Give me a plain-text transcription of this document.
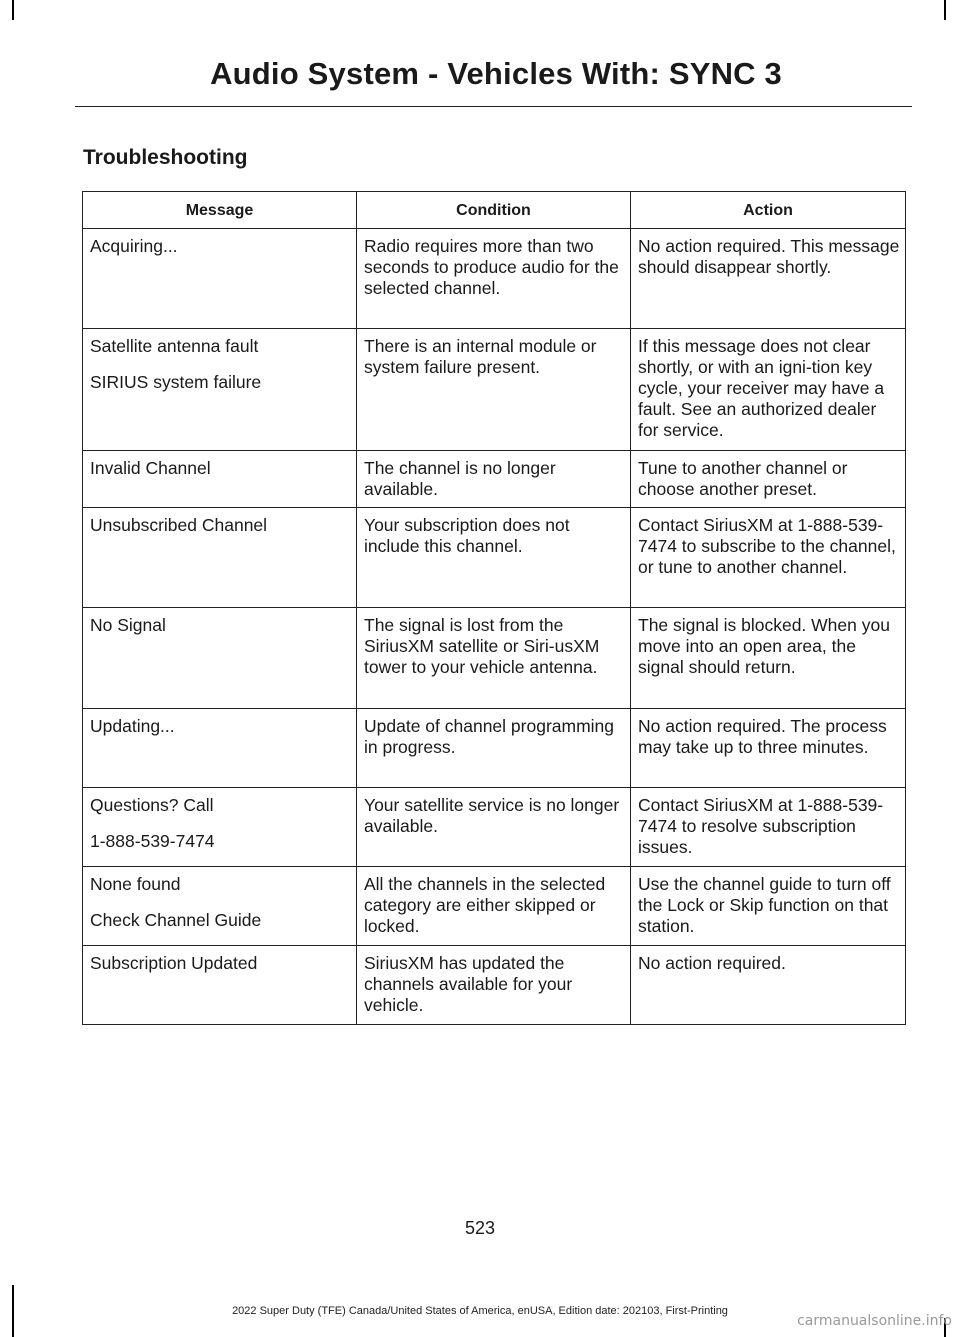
Audio System - Vehicles With: SYNC 3
Troubleshooting
Message	Condition	Action

Acquiring...	Radio requires more than two seconds to produce audio for the selected channel.	No action required. This message should disappear shortly.

Satellite antenna fault
SIRIUS system failure	There is an internal module or system failure present.	If this message does not clear shortly, or with an igni-tion key cycle, your receiver may have a fault. See an authorized dealer for service.

Invalid Channel	The channel is no longer available.	Tune to another channel or choose another preset.

Unsubscribed Channel	Your subscription does not include this channel.	Contact SiriusXM at 1-888-539-7474 to subscribe to the channel, or tune to another channel.

No Signal	The signal is lost from the SiriusXM satellite or Siri-usXM tower to your vehicle antenna.	The signal is blocked. When you move into an open area, the signal should return.

Updating...	Update of channel programming in progress.	No action required. The process may take up to three minutes.

Questions? Call
1-888-539-7474	Your satellite service is no longer available.	Contact SiriusXM at 1-888-539-7474 to resolve subscription issues.

None found
Check Channel Guide	All the channels in the selected category are either skipped or locked.	Use the channel guide to turn off the Lock or Skip function on that station.

Subscription Updated	SiriusXM has updated the channels available for your vehicle.	No action required.
523
2022 Super Duty (TFE) Canada/United States of America, enUSA, Edition date: 202103, First-Printing
carmanualsonline.info
